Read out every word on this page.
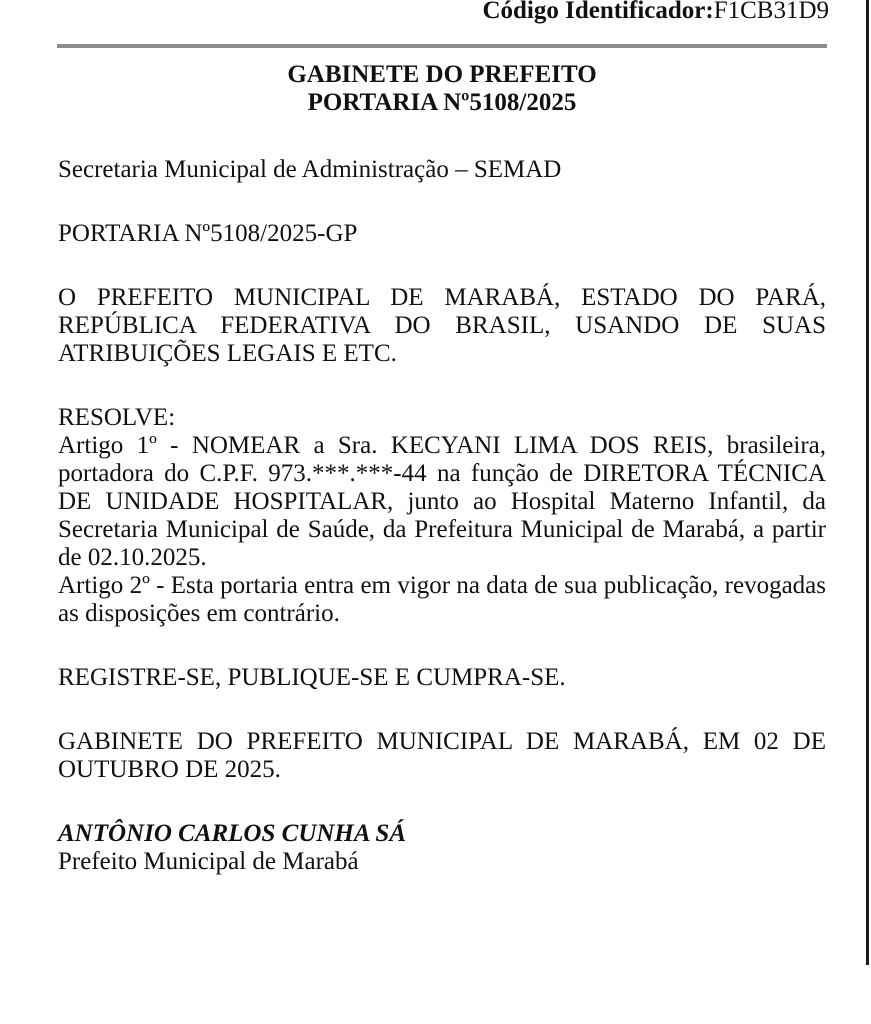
Código Identificador:F1CB31D9

GABINETE DO PREFEITO

PORTARIA Nº5108/2025

Secretaria Municipal de Administração – SEMAD

PORTARIA Nº5108/2025-GP

O PREFEITO MUNICIPAL DE MARABÁ, ESTADO DO PARÁ, REPÚBLICA FEDERATIVA DO BRASIL, USANDO DE SUAS ATRIBUIÇÕES LEGAIS E ETC.

RESOLVE:

Artigo 1º - NOMEAR a Sra. KECYANI LIMA DOS REIS, brasileira, portadora do C.P.F. 973.***.***-44 na função de DIRETORA TÉCNICA DE UNIDADE HOSPITALAR, junto ao Hospital Materno Infantil, da Secretaria Municipal de Saúde, da Prefeitura Municipal de Marabá, a partir de 02.10.2025.

Artigo 2º - Esta portaria entra em vigor na data de sua publicação, revogadas as disposições em contrário.

REGISTRE-SE, PUBLIQUE-SE E CUMPRA-SE.

GABINETE DO PREFEITO MUNICIPAL DE MARABÁ, EM 02 DE OUTUBRO DE 2025.

ANTÔNIO CARLOS CUNHA SÁ

Prefeito Municipal de Marabá
